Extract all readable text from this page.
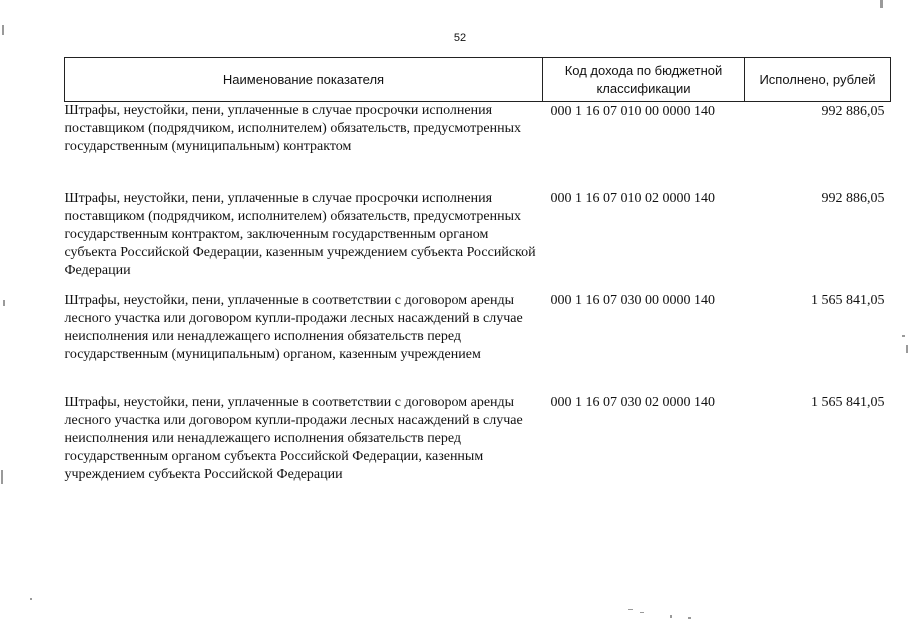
52
Наименование показателя	Код дохода по бюджетной классификации	Исполнено, рублей
Штрафы, неустойки, пени, уплаченные в случае просрочки исполнения поставщиком (подрядчиком, исполнителем) обязательств, предусмотренных государственным (муниципальным) контрактом	000 1 16 07 010 00 0000 140	992 886,05
Штрафы, неустойки, пени, уплаченные в случае просрочки исполнения поставщиком (подрядчиком, исполнителем) обязательств, предусмотренных государственным контрактом, заключенным государственным органом субъекта Российской Федерации, казенным учреждением субъекта Российской Федерации	000 1 16 07 010 02 0000 140	992 886,05
Штрафы, неустойки, пени, уплаченные в соответствии с договором аренды лесного участка или договором купли-продажи лесных насаждений в случае неисполнения или ненадлежащего исполнения обязательств перед государственным (муниципальным) органом, казенным учреждением	000 1 16 07 030 00 0000 140	1 565 841,05
Штрафы, неустойки, пени, уплаченные в соответствии с договором аренды лесного участка или договором купли-продажи лесных насаждений в случае неисполнения или ненадлежащего исполнения обязательств перед государственным органом субъекта Российской Федерации, казенным учреждением субъекта Российской Федерации	000 1 16 07 030 02 0000 140	1 565 841,05
